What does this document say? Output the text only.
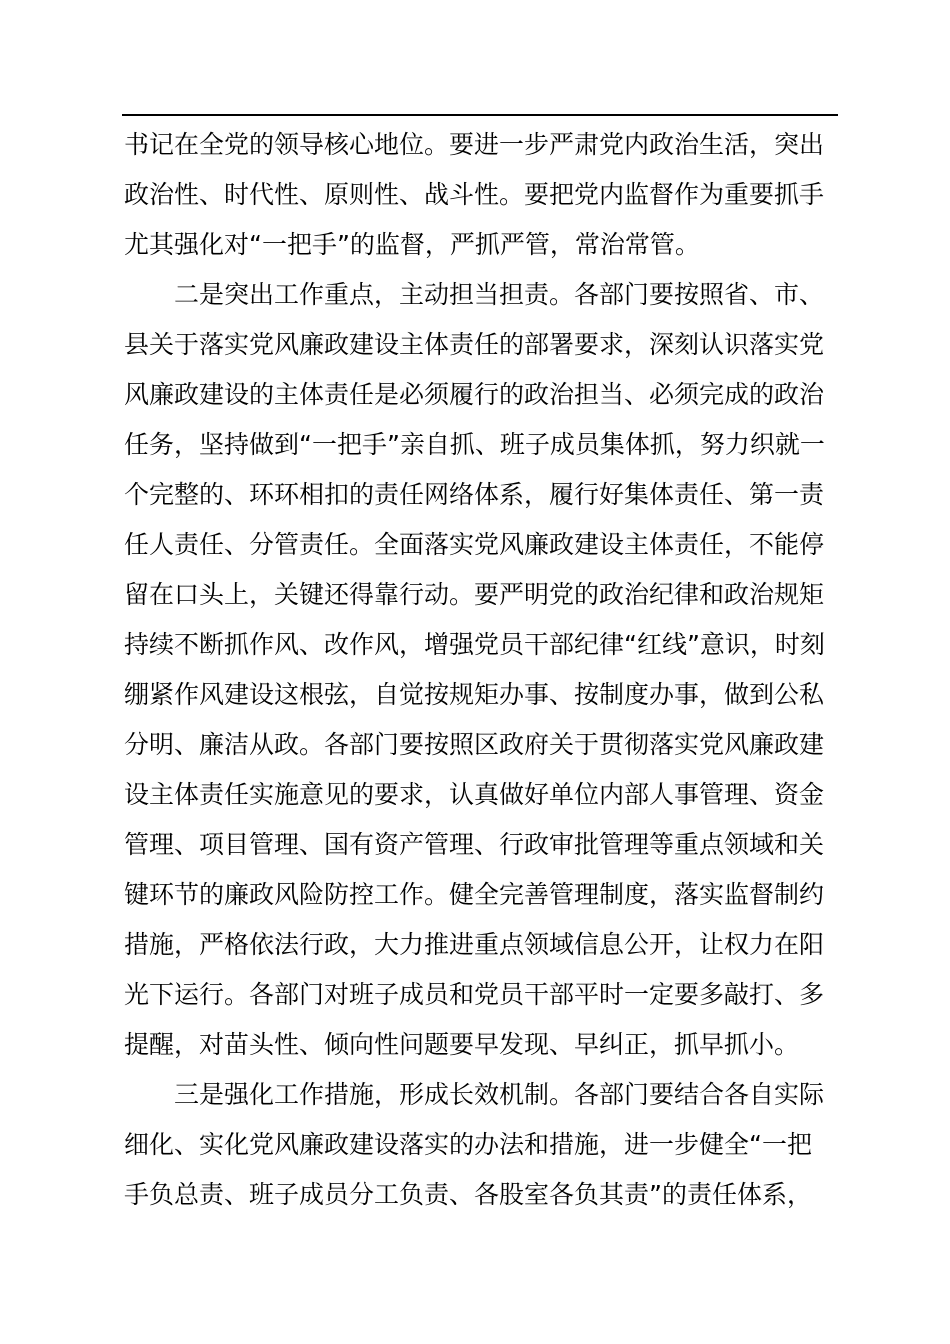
书记在全党的领导核心地位。要进一步严肃党内政治生活，突出
政治性、时代性、原则性、战斗性。要把党内监督作为重要抓手
尤其强化对“一把手”的监督，严抓严管，常治常管。
二是突出工作重点，主动担当担责。各部门要按照省、市、
县关于落实党风廉政建设主体责任的部署要求，深刻认识落实党
风廉政建设的主体责任是必须履行的政治担当、必须完成的政治
任务，坚持做到“一把手”亲自抓、班子成员集体抓，努力织就一
个完整的、环环相扣的责任网络体系，履行好集体责任、第一责
任人责任、分管责任。全面落实党风廉政建设主体责任，不能停
留在口头上，关键还得靠行动。要严明党的政治纪律和政治规矩
持续不断抓作风、改作风，增强党员干部纪律“红线”意识，时刻
绷紧作风建设这根弦，自觉按规矩办事、按制度办事，做到公私
分明、廉洁从政。各部门要按照区政府关于贯彻落实党风廉政建
设主体责任实施意见的要求，认真做好单位内部人事管理、资金
管理、项目管理、国有资产管理、行政审批管理等重点领域和关
键环节的廉政风险防控工作。健全完善管理制度，落实监督制约
措施，严格依法行政，大力推进重点领域信息公开，让权力在阳
光下运行。各部门对班子成员和党员干部平时一定要多敲打、多
提醒，对苗头性、倾向性问题要早发现、早纠正，抓早抓小。
三是强化工作措施，形成长效机制。各部门要结合各自实际
细化、实化党风廉政建设落实的办法和措施，进一步健全“一把
手负总责、班子成员分工负责、各股室各负其责”的责任体系，
